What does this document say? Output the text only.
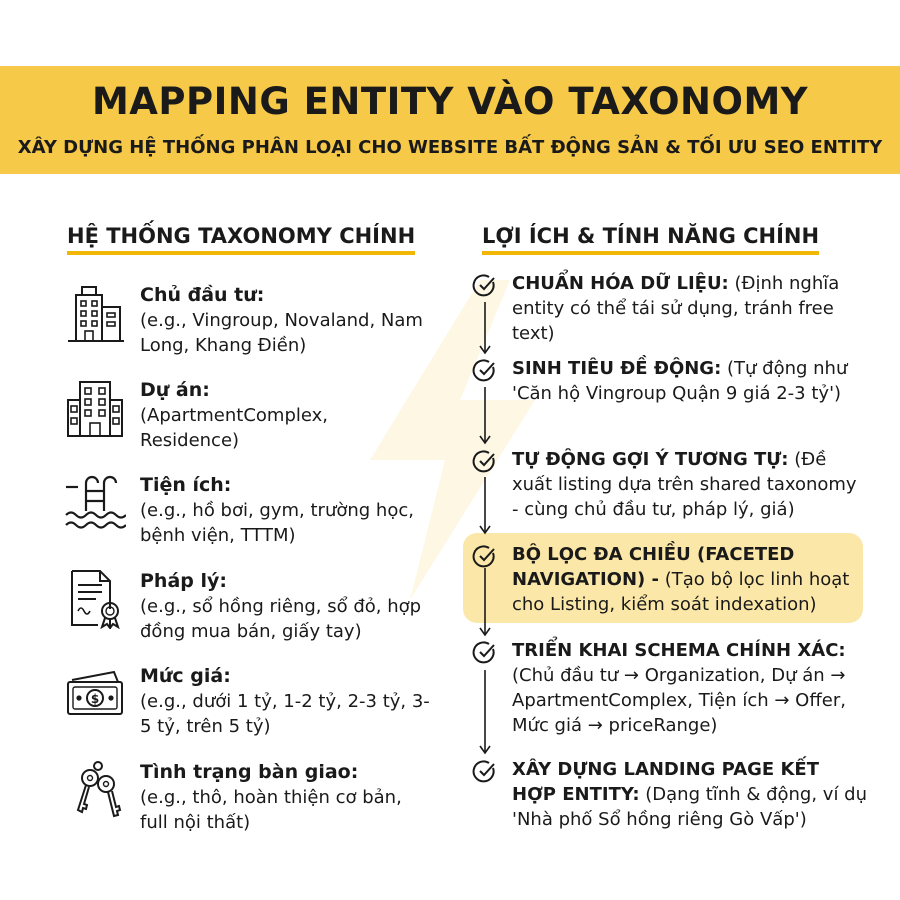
MAPPING ENTITY VÀO TAXONOMY
XÂY DỰNG HỆ THỐNG PHÂN LOẠI CHO WEBSITE BẤT ĐỘNG SẢN & TỐI ƯU SEO ENTITY
HỆ THỐNG TAXONOMY CHÍNH	LỢI ÍCH & TÍNH NĂNG CHÍNH
Chủ đầu tư:
(e.g., Vingroup, Novaland, Nam Long, Khang Điền)
Dự án:
(ApartmentComplex, Residence)
Tiện ích:
(e.g., hồ bơi, gym, trường học, bệnh viện, TTTM)
Pháp lý:
(e.g., sổ hồng riêng, sổ đỏ, hợp đồng mua bán, giấy tay)
$
Mức giá:
(e.g., dưới 1 tỷ, 1-2 tỷ, 2-3 tỷ, 3-5 tỷ, trên 5 tỷ)
Tình trạng bàn giao:
(e.g., thô, hoàn thiện cơ bản, full nội thất)
CHUẨN HÓA DỮ LIỆU: (Định nghĩa entity có thể tái sử dụng, tránh free text)
SINH TIÊU ĐỀ ĐỘNG: (Tự động như 'Căn hộ Vingroup Quận 9 giá 2-3 tỷ')
TỰ ĐỘNG GỢI Ý TƯƠNG TỰ: (Đề xuất listing dựa trên shared taxonomy - cùng chủ đầu tư, pháp lý, giá)
BỘ LỌC ĐA CHIỀU (FACETED NAVIGATION) - (Tạo bộ lọc linh hoạt cho Listing, kiểm soát indexation)
TRIỂN KHAI SCHEMA CHÍNH XÁC: (Chủ đầu tư → Organization, Dự án → ApartmentComplex, Tiện ích → Offer, Mức giá → priceRange)
XÂY DỰNG LANDING PAGE KẾT HỢP ENTITY: (Dạng tĩnh & động, ví dụ 'Nhà phố Sổ hồng riêng Gò Vấp')
